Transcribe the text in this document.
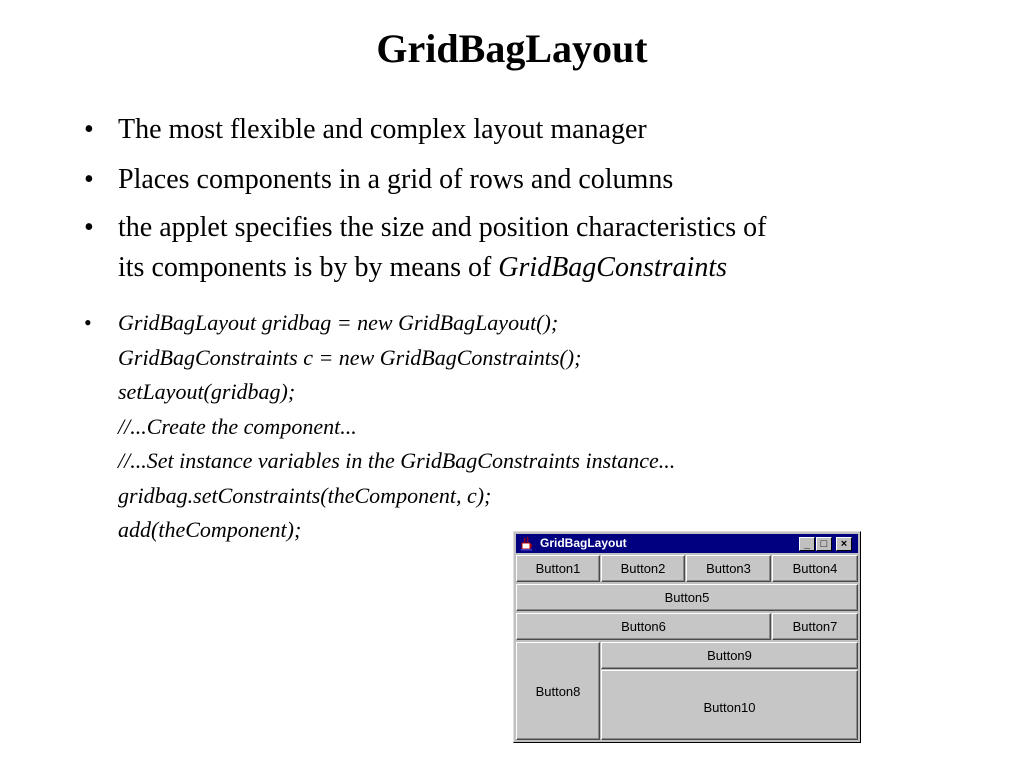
GridBagLayout
• The most flexible and complex layout manager
• Places components in a grid of rows and columns
• the applet specifies the size and position characteristics of
its components is by by means of GridBagConstraints
• GridBagLayout gridbag = new GridBagLayout();
GridBagConstraints c = new GridBagConstraints();
setLayout(gridbag);
//...Create the component...
//...Set instance variables in the GridBagConstraints instance...
gridbag.setConstraints(theComponent, c);
add(theComponent);
GridBagLayout	_ □	×
Button1	Button2	Button3	Button4
Button5
Button6	Button7
Button8
Button9
Button10
